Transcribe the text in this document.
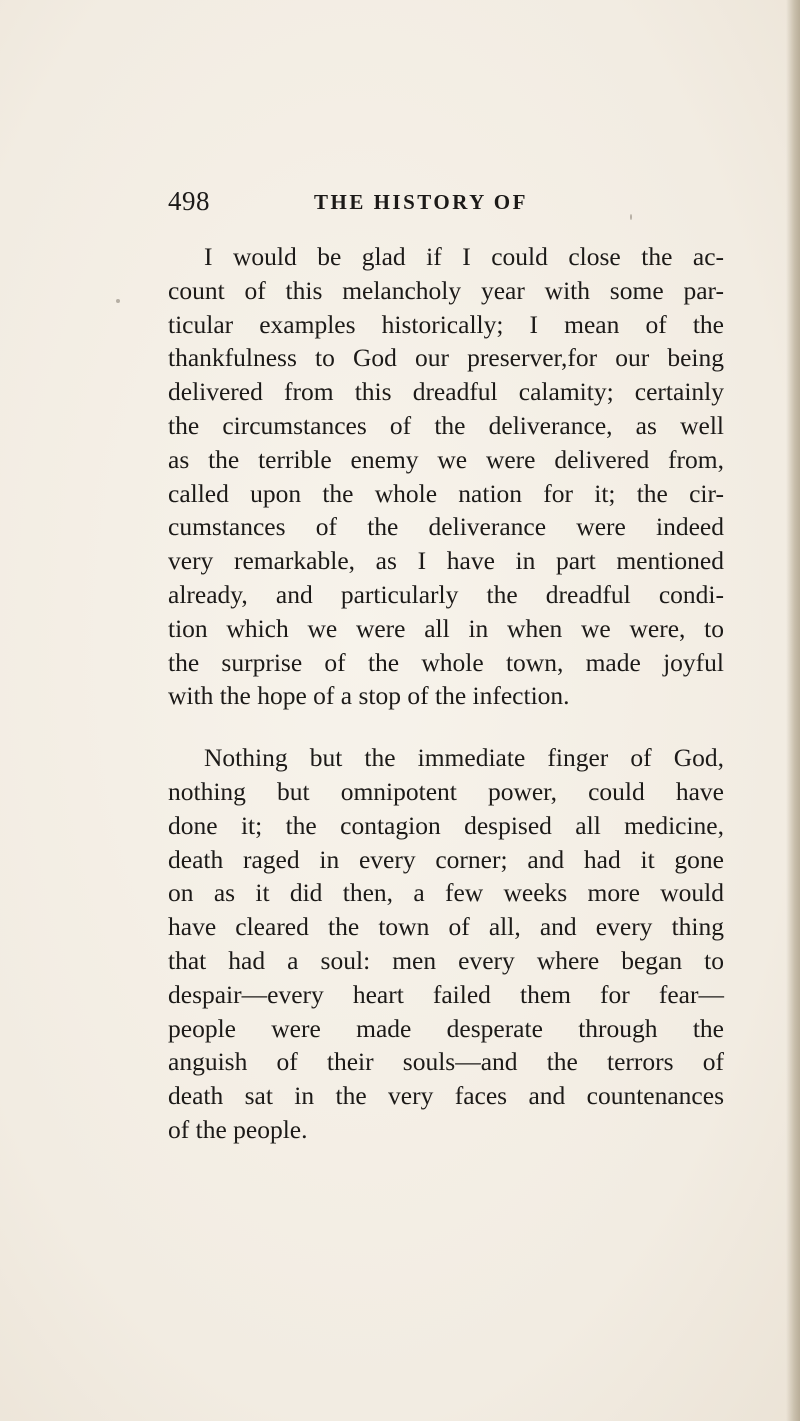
498	THE HISTORY OF
I would be glad if I could close the ac-
count of this melancholy year with some par-
ticular examples historically; I mean of the
thankfulness to God our preserver,for our being
delivered from this dreadful calamity; certainly
the circumstances of the deliverance, as well
as the terrible enemy we were delivered from,
called upon the whole nation for it; the cir-
cumstances of the deliverance were indeed
very remarkable, as I have in part mentioned
already, and particularly the dreadful condi-
tion which we were all in when we were, to
the surprise of the whole town, made joyful
with the hope of a stop of the infection.
Nothing but the immediate finger of God,
nothing but omnipotent power, could have
done it; the contagion despised all medicine,
death raged in every corner; and had it gone
on as it did then, a few weeks more would
have cleared the town of all, and every thing
that had a soul: men every where began to
despair—every heart failed them for fear—
people were made desperate through the
anguish of their souls—and the terrors of
death sat in the very faces and countenances
of the people.
